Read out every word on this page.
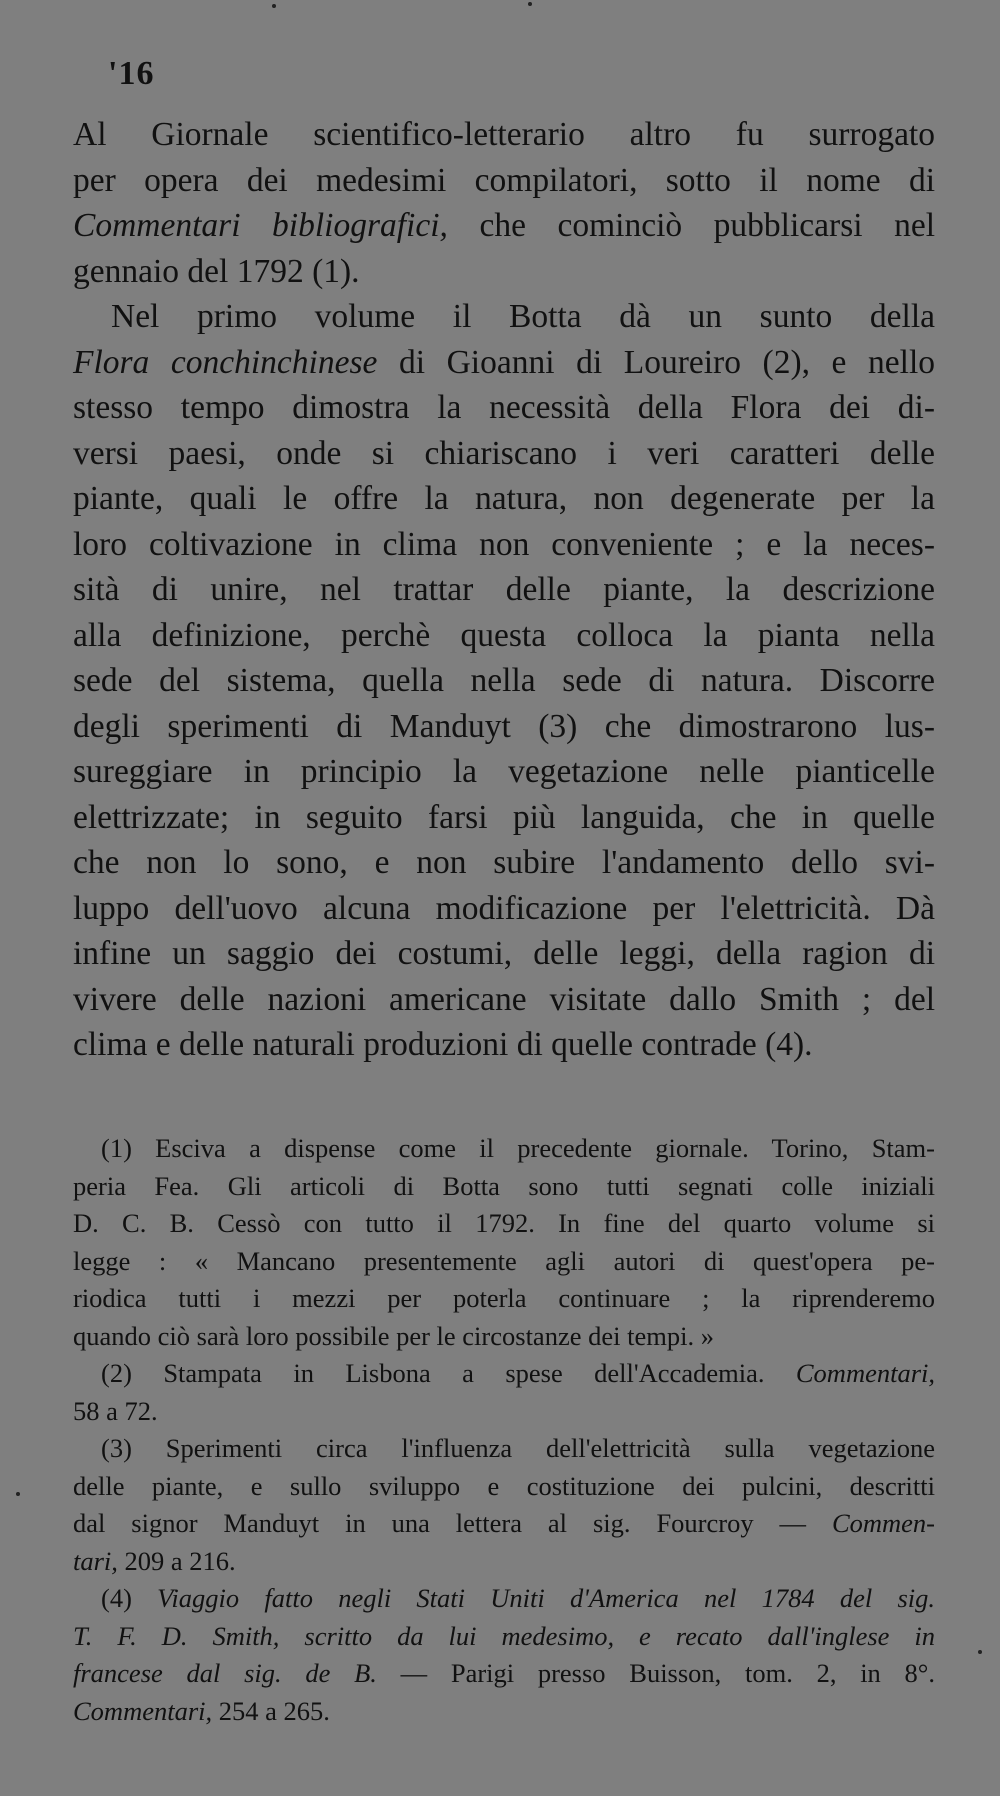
'16
Al Giornale scientifico-letterario altro fu surrogato
per opera dei medesimi compilatori, sotto il nome di
Commentari bibliografici, che cominciò pubblicarsi nel
gennaio del 1792 (1).
Nel primo volume il Botta dà un sunto della
Flora conchinchinese di Gioanni di Loureiro (2), e nello
stesso tempo dimostra la necessità della Flora dei di-
versi paesi, onde si chiariscano i veri caratteri delle
piante, quali le offre la natura, non degenerate per la
loro coltivazione in clima non conveniente ; e la neces-
sità di unire, nel trattar delle piante, la descrizione
alla definizione, perchè questa colloca la pianta nella
sede del sistema, quella nella sede di natura. Discorre
degli sperimenti di Manduyt (3) che dimostrarono lus-
sureggiare in principio la vegetazione nelle pianticelle
elettrizzate; in seguito farsi più languida, che in quelle
che non lo sono, e non subire l'andamento dello svi-
luppo dell'uovo alcuna modificazione per l'elettricità. Dà
infine un saggio dei costumi, delle leggi, della ragion di
vivere delle nazioni americane visitate dallo Smith ; del
clima e delle naturali produzioni di quelle contrade (4).
(1) Esciva a dispense come il precedente giornale. Torino, Stam-
peria Fea. Gli articoli di Botta sono tutti segnati colle iniziali
D. C. B. Cessò con tutto il 1792. In fine del quarto volume si
legge : « Mancano presentemente agli autori di quest'opera pe-
riodica tutti i mezzi per poterla continuare ; la riprenderemo
quando ciò sarà loro possibile per le circostanze dei tempi. »
(2) Stampata in Lisbona a spese dell'Accademia. Commentari,
58 a 72.
(3) Sperimenti circa l'influenza dell'elettricità sulla vegetazione
delle piante, e sullo sviluppo e costituzione dei pulcini, descritti
dal signor Manduyt in una lettera al sig. Fourcroy — Commen-
tari, 209 a 216.
(4) Viaggio fatto negli Stati Uniti d'America nel 1784 del sig.
T. F. D. Smith, scritto da lui medesimo, e recato dall'inglese in
francese dal sig. de B. — Parigi presso Buisson, tom. 2, in 8°.
Commentari, 254 a 265.
